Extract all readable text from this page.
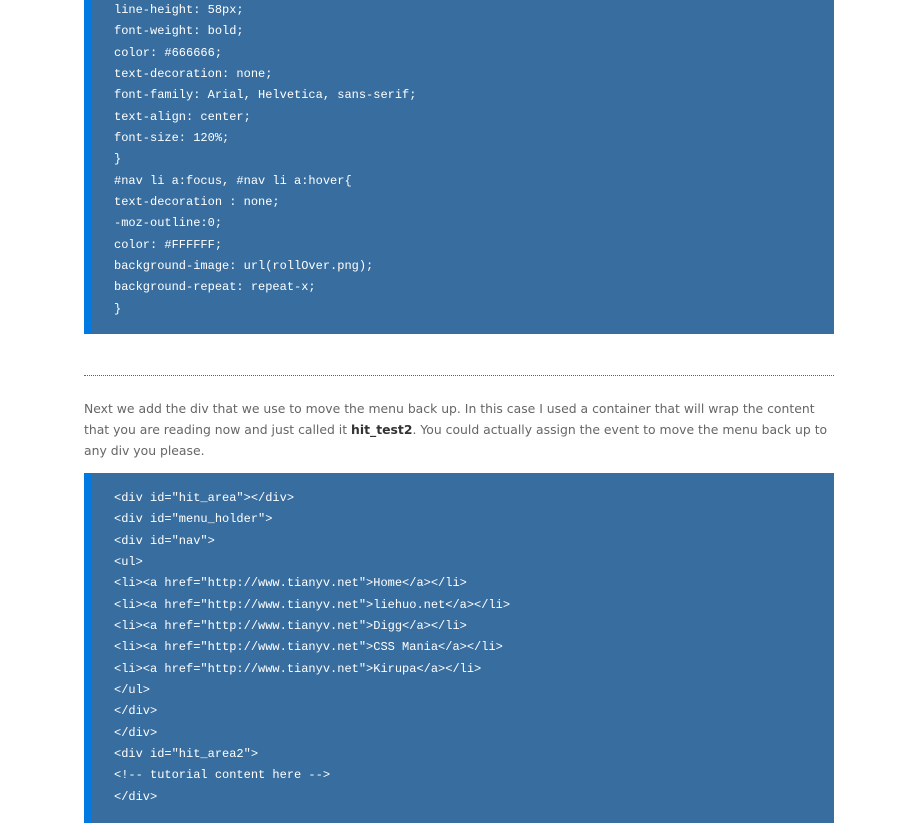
line-height: 58px;
font-weight: bold;
color: #666666;
text-decoration: none;
font-family: Arial, Helvetica, sans-serif;
text-align: center;
font-size: 120%;
}
#nav li a:focus, #nav li a:hover{
text-decoration : none;
-moz-outline:0;
color: #FFFFFF;
background-image: url(rollOver.png);
background-repeat: repeat-x;
}

Next we add the div that we use to move the menu back up. In this case I used a container that will wrap the content that you are reading now and just called it hit_test2. You could actually assign the event to move the menu back up to any div you please.

<div id="hit_area"></div>
<div id="menu_holder">
<div id="nav">
<ul>
<li><a href="http://www.tianyv.net">Home</a></li>
<li><a href="http://www.tianyv.net">liehuo.net</a></li>
<li><a href="http://www.tianyv.net">Digg</a></li>
<li><a href="http://www.tianyv.net">CSS Mania</a></li>
<li><a href="http://www.tianyv.net">Kirupa</a></li>
</ul>
</div>
</div>
<div id="hit_area2">
<!-- tutorial content here -->
</div>
